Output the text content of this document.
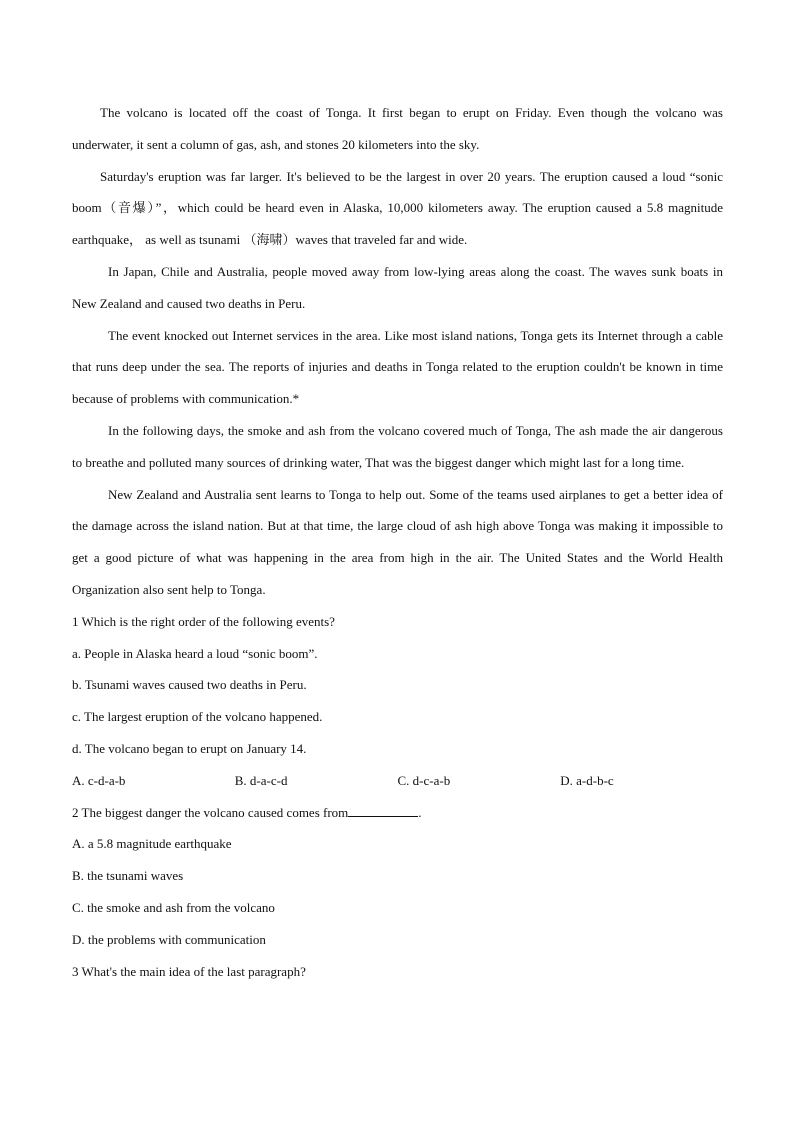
The volcano is located off the coast of Tonga. It first began to erupt on Friday. Even though the volcano was underwater, it sent a column of gas, ash, and stones 20 kilometers into the sky.

Saturday's eruption was far larger. It's believed to be the largest in over 20 years. The eruption caused a loud “sonic boom（音爆）”，which could be heard even in Alaska, 10,000 kilometers away. The eruption caused a 5.8 magnitude earthquake， as well as tsunami （海啸）waves that traveled far and wide.

In Japan, Chile and Australia, people moved away from low-lying areas along the coast. The waves sunk boats in New Zealand and caused two deaths in Peru.

The event knocked out Internet services in the area. Like most island nations, Tonga gets its Internet through a cable that runs deep under the sea. The reports of injuries and deaths in Tonga related to the eruption couldn't be known in time because of problems with communication.*

In the following days, the smoke and ash from the volcano covered much of Tonga, The ash made the air dangerous to breathe and polluted many sources of drinking water, That was the biggest danger which might last for a long time.

New Zealand and Australia sent learns to Tonga to help out. Some of the teams used airplanes to get a better idea of the damage across the island nation. But at that time, the large cloud of ash high above Tonga was making it impossible to get a good picture of what was happening in the area from high in the air. The United States and the World Health Organization also sent help to Tonga.

1 Which is the right order of the following events?

a. People in Alaska heard a loud “sonic boom”.

b. Tsunami waves caused two deaths in Peru.

c. The largest eruption of the volcano happened.

d. The volcano began to erupt on January 14.

A. c-d-a-b	B. d-a-c-d	C. d-c-a-b	D. a-d-b-c

2 The biggest danger the volcano caused comes from	.

A. a 5.8 magnitude earthquake

B. the tsunami waves

C. the smoke and ash from the volcano

D. the problems with communication

3 What's the main idea of the last paragraph?
